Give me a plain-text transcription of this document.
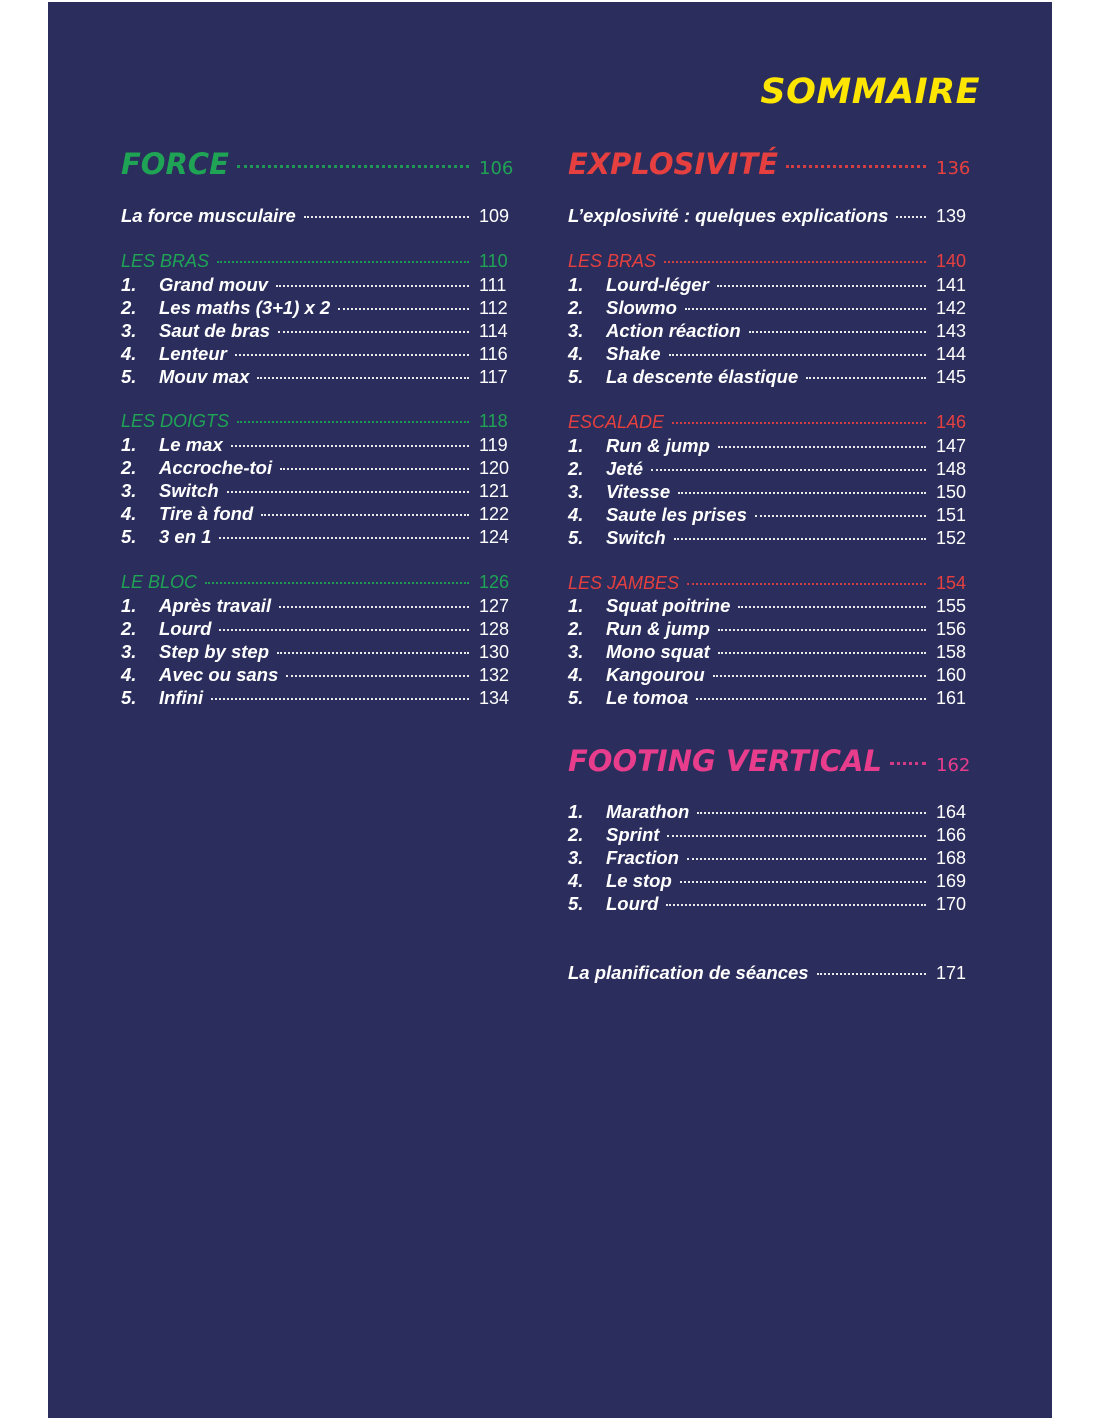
SOMMAIRE
FORCE	106
La force musculaire	109
LES BRAS	110
1. Grand mouv	111
2. Les maths (3+1) x 2	112
3. Saut de bras	114
4. Lenteur	116
5. Mouv max	117
LES DOIGTS	118
1. Le max	119
2. Accroche-toi	120
3. Switch	121
4. Tire à fond	122
5. 3 en 1	124
LE BLOC	126
1. Après travail	127
2. Lourd	128
3. Step by step	130
4. Avec ou sans	132
5. Infini	134
EXPLOSIVITÉ	136
L’explosivité : quelques explications	139
LES BRAS	140
1. Lourd-léger	141
2. Slowmo	142
3. Action réaction	143
4. Shake	144
5. La descente élastique	145
ESCALADE	146
1. Run & jump	147
2. Jeté	148
3. Vitesse	150
4. Saute les prises	151
5. Switch	152
LES JAMBES	154
1. Squat poitrine	155
2. Run & jump	156
3. Mono squat	158
4. Kangourou	160
5. Le tomoa	161
FOOTING VERTICAL	162
1. Marathon	164
2. Sprint	166
3. Fraction	168
4. Le stop	169
5. Lourd	170
La planification de séances	171
